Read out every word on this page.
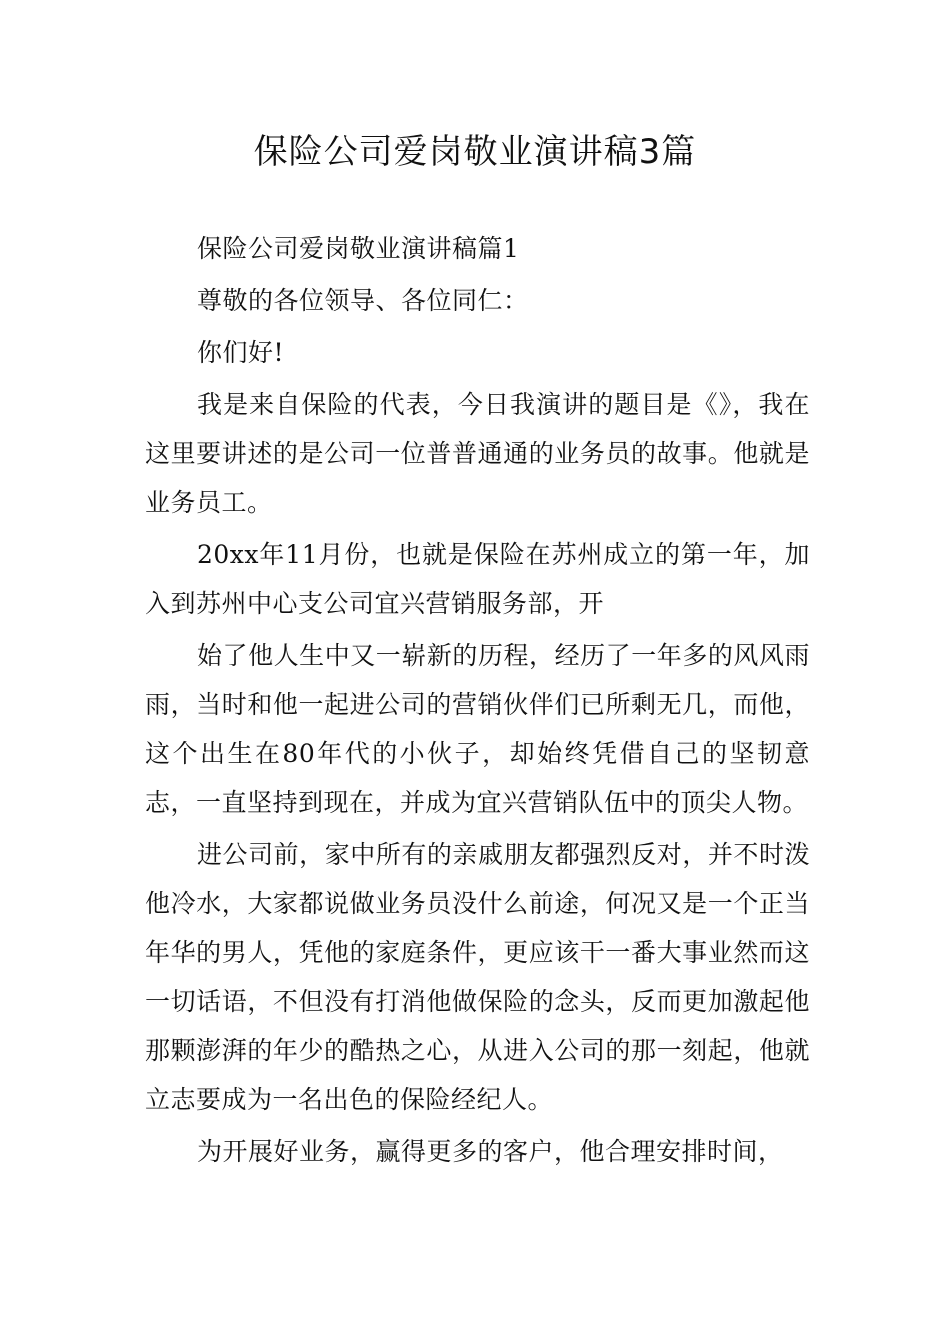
保险公司爱岗敬业演讲稿3篇

保险公司爱岗敬业演讲稿篇1

尊敬的各位领导、各位同仁：

你们好!

我是来自保险的代表，今日我演讲的题目是《》，我在这里要讲述的是公司一位普普通通的业务员的故事。他就是业务员工。

20xx年11月份，也就是保险在苏州成立的第一年，加入到苏州中心支公司宜兴营销服务部，开

始了他人生中又一崭新的历程，经历了一年多的风风雨雨，当时和他一起进公司的营销伙伴们已所剩无几，而他，这个出生在80年代的小伙子，却始终凭借自己的坚韧意志，一直坚持到现在，并成为宜兴营销队伍中的顶尖人物。

进公司前，家中所有的亲戚朋友都强烈反对，并不时泼他冷水，大家都说做业务员没什么前途，何况又是一个正当年华的男人，凭他的家庭条件，更应该干一番大事业然而这一切话语，不但没有打消他做保险的念头，反而更加激起他那颗澎湃的年少的酷热之心，从进入公司的那一刻起，他就立志要成为一名出色的保险经纪人。

为开展好业务，赢得更多的客户，他合理安排时间，
